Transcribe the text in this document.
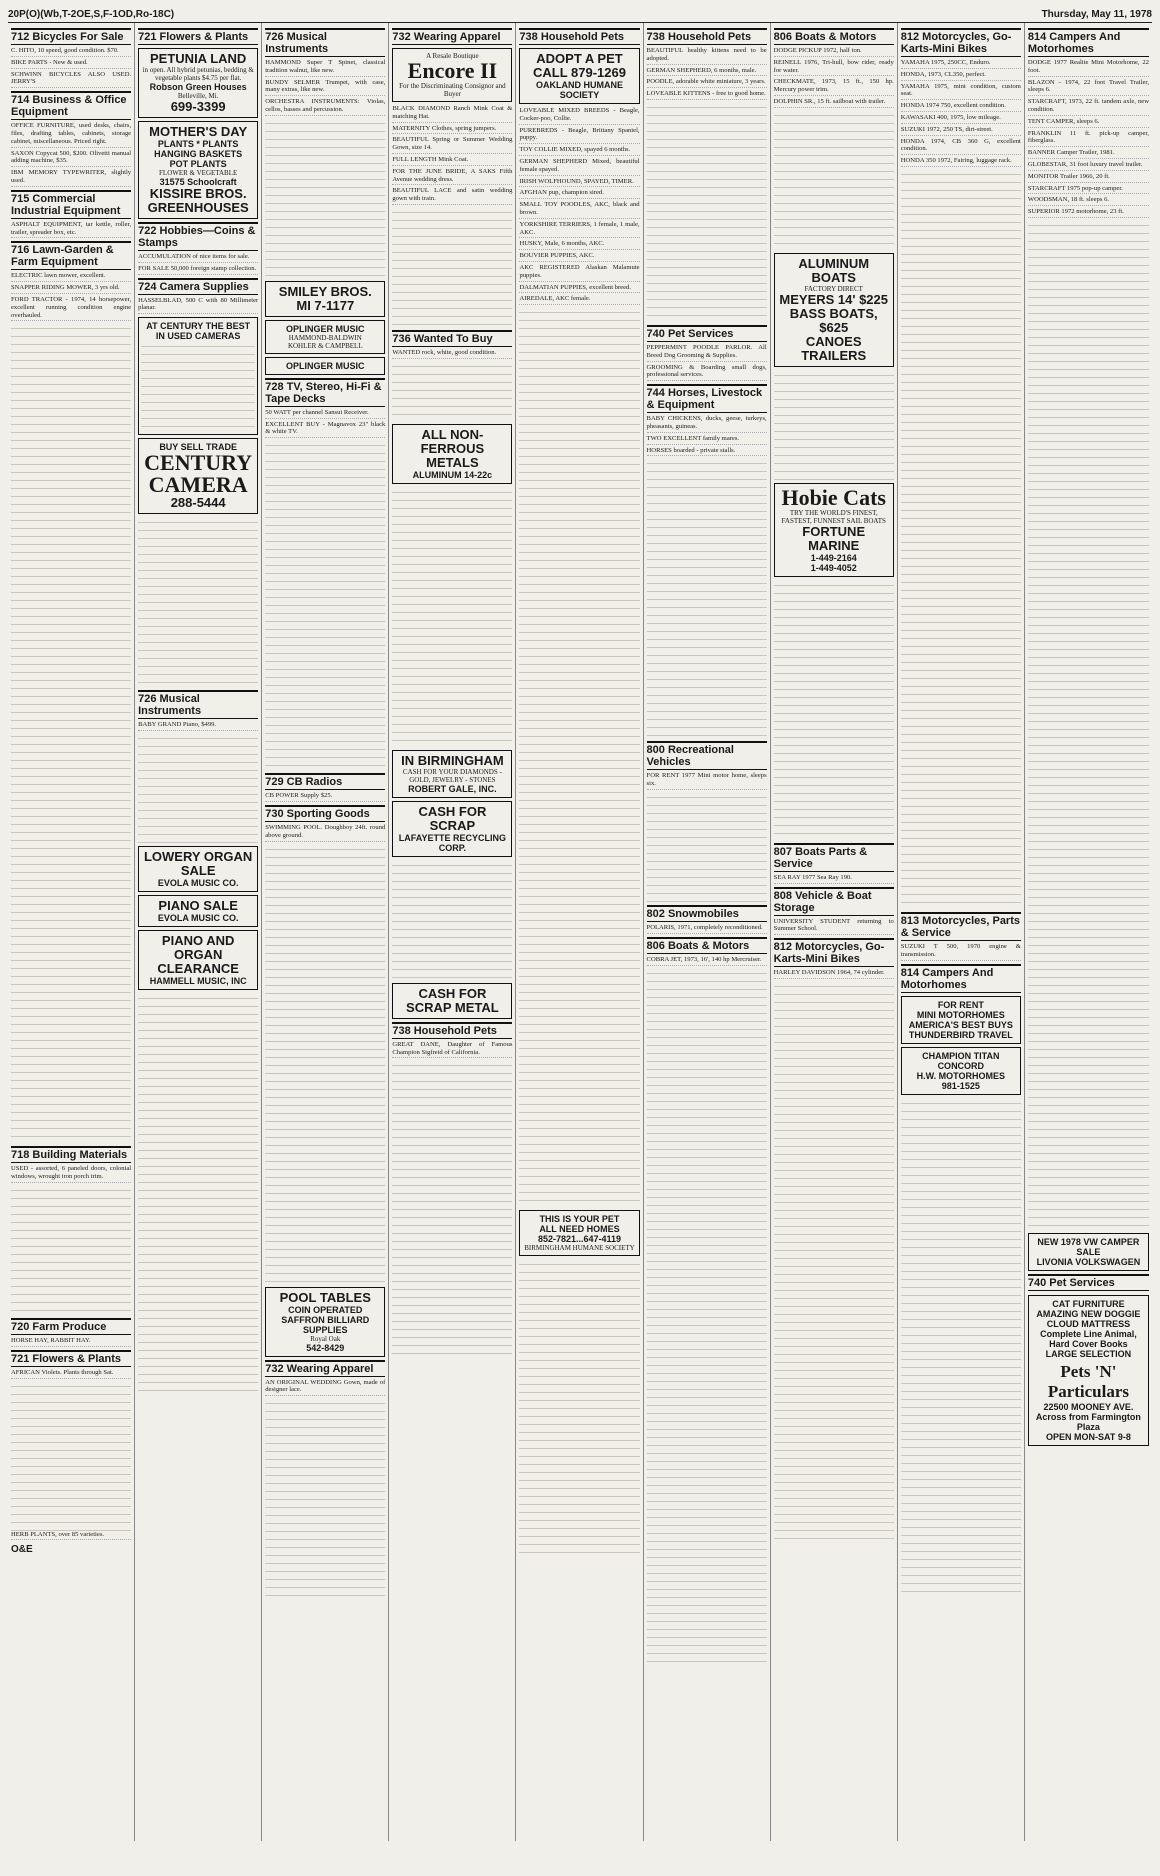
20P(O)(Wb,T-2OE,S,F-1OD,Ro-18C)	Thursday, May 11, 1978
712 Bicycles For Sale

C. HITO, 10 speed, good condition. $70.

BIKE PARTS - New & used.

SCHWINN BICYCLES ALSO USED. JERRY'S

714 Business & Office Equipment

OFFICE FURNITURE, used desks, chairs, files, drafting tables, cabinets, storage cabinet, miscellaneous. Priced right.

SAXON Copycat 500, $200. Olivetti manual adding machine, $35.

IBM MEMORY TYPEWRITER, slightly used.

715 Commercial Industrial Equipment

ASPHALT EQUIPMENT, tar kettle, roller, trailer, spreader box, etc.

716 Lawn-Garden & Farm Equipment

ELECTRIC lawn mower, excellent.

SNAPPER RIDING MOWER, 3 yrs old.

FORD TRACTOR - 1974, 14 horsepower, excellent running condition engine overhauled.

718 Building Materials

USED - assorted, 6 paneled doors, colonial windows, wrought iron porch trim.

720 Farm Produce

HORSE HAY, RABBIT HAY.

721 Flowers & Plants

AFRICAN Violets. Plants through Sat.

HERB PLANTS, over 85 varieties.

O&E
721 Flowers & Plants
PETUNIA LAND
in open. All hybrid petunias, bedding & vegetable plants $4.75 per flat.
Robson Green Houses
Belleville, Mi.
699-3399
MOTHER'S DAY
PLANTS * PLANTS
HANGING BASKETS
POT PLANTS
FLOWER & VEGETABLE
31575 Schoolcraft
KISSIRE BROS. GREENHOUSES
722 Hobbies—Coins & Stamps

ACCUMULATION of nice items for sale.

FOR SALE 50,000 foreign stamp collection.

724 Camera Supplies

HASSELBLAD, 500 C with 80 Millimeter planar.

AT CENTURY THE BEST
IN USED CAMERAS
BUY SELL TRADE
CENTURY CAMERA
288-5444
726 Musical Instruments

BABY GRAND Piano, $499.

LOWERY ORGAN SALE
EVOLA MUSIC CO.
PIANO SALE
EVOLA MUSIC CO.
PIANO AND ORGAN CLEARANCE
HAMMELL MUSIC, INC
726 Musical Instruments

HAMMOND Super T Spinet, classical tradition walnut, like new.

BUNDY SELMER Trumpet, with case, many extras, like new.

ORCHESTRA INSTRUMENTS: Violas, cellos, basses and percussion.

SMILEY BROS.
MI 7-1177
OPLINGER MUSIC
HAMMOND-BALDWIN
KOHLER & CAMPBELL
OPLINGER MUSIC
728 TV, Stereo, Hi-Fi & Tape Decks

50 WATT per channel Sansui Receiver.

EXCELLENT BUY - Magnavox 23" black & white TV.

729 CB Radios

CB POWER Supply $25.

730 Sporting Goods

SWIMMING POOL. Doughboy 24ft. round above ground.

POOL TABLES
COIN OPERATED
SAFFRON BILLIARD SUPPLIES
Royal Oak
542-8429
732 Wearing Apparel

AN ORIGINAL WEDDING Gown, made of designer lace.

732 Wearing Apparel
A Resale Boutique
Encore II
For the Discriminating Consignor and Buyer

BLACK DIAMOND Ranch Mink Coat & matching Hat.

MATERNITY Clothes, spring jumpers.

BEAUTIFUL Spring or Summer Wedding Gown, size 14.

FULL LENGTH Mink Coat.

FOR THE JUNE BRIDE, A SAKS Fifth Avenue wedding dress.

BEAUTIFUL LACE and satin wedding gown with train.

736 Wanted To Buy

WANTED rock, white, good condition.

ALL NON-FERROUS METALS
ALUMINUM 14-22c
IN BIRMINGHAM
CASH FOR YOUR DIAMONDS - GOLD, JEWELRY - STONES
ROBERT GALE, INC.
CASH FOR SCRAP
LAFAYETTE RECYCLING CORP.
CASH FOR SCRAP METAL
738 Household Pets

GREAT DANE, Daughter of Famous Champion Sigfreid of California.

738 Household Pets
ADOPT A PET
CALL 879-1269
OAKLAND HUMANE SOCIETY

LOVEABLE MIXED BREEDS - Beagle, Cocker-poo, Collie.

PUREBREDS - Beagle, Brittany Spaniel, puppy.

TOY COLLIE MIXED, spayed 6 months.

GERMAN SHEPHERD Mixed, beautiful female spayed.

IRISH WOLFHOUND, SPAYED, TIMER.

AFGHAN pup, champion sired.

SMALL TOY POODLES, AKC, black and brown.

YORKSHIRE TERRIERS, 1 female, 1 male, AKC.

HUSKY, Male, 6 months, AKC.

BOUVIER PUPPIES, AKC.

AKC REGISTERED Alaskan Malamute puppies.

DALMATIAN PUPPIES, excellent breed.

AIREDALE, AKC female.

THIS IS YOUR PET
ALL NEED HOMES
852-7821...647-4119
BIRMINGHAM HUMANE SOCIETY
738 Household Pets

BEAUTIFUL healthy kittens need to be adopted.

GERMAN SHEPHERD, 6 months, male.

POODLE, adorable white miniature, 3 years.

LOVEABLE KITTENS - free to good home.

740 Pet Services

PEPPERMINT POODLE PARLOR. All Breed Dog Grooming & Supplies.

GROOMING & Boarding small dogs, professional services.

744 Horses, Livestock & Equipment

BABY CHICKENS, ducks, geese, turkeys, pheasants, guineas.

TWO EXCELLENT family mares.

HORSES boarded - private stalls.

800 Recreational Vehicles

FOR RENT 1977 Mini motor home, sleeps six.

802 Snowmobiles

POLARIS, 1971, completely reconditioned.

806 Boats & Motors

COBRA JET, 1973, 16', 140 hp Mercruiser.

806 Boats & Motors

DODGE PICKUP 1972, half ton.

REINELL 1976, Tri-hull, bow rider, ready for water.

CHECKMATE, 1973, 15 ft., 150 hp. Mercury power trim.

DOLPHIN SR., 15 ft. sailboat with trailer.

ALUMINUM BOATS
FACTORY DIRECT
MEYERS 14' $225
BASS BOATS, $625
CANOES
TRAILERS
Hobie Cats
TRY THE WORLD'S FINEST, FASTEST, FUNNEST SAIL BOATS
FORTUNE MARINE
1-449-2164
1-449-4052
807 Boats Parts & Service

SEA RAY 1977 Sea Ray 190.

808 Vehicle & Boat Storage

UNIVERSITY STUDENT returning to Summer School.

812 Motorcycles, Go-Karts-Mini Bikes

HARLEY DAVIDSON 1964, 74 cylinder.

812 Motorcycles, Go-Karts-Mini Bikes

YAMAHA 1975, 250CC, Enduro.

HONDA, 1973, CL350, perfect.

YAMAHA 1975, mint condition, custom seat.

HONDA 1974 750, excellent condition.

KAWASAKI 400, 1975, low mileage.

SUZUKI 1972, 250 TS, dirt-street.

HONDA 1974, CB 360 G, excellent condition.

HONDA 350 1972, Fairing, luggage rack.

813 Motorcycles, Parts & Service

SUZUKI T 500, 1970 engine & transmission.

814 Campers And Motorhomes
FOR RENT
MINI MOTORHOMES
AMERICA'S BEST BUYS
THUNDERBIRD TRAVEL
CHAMPION TITAN CONCORD
H.W. MOTORHOMES
981-1525
814 Campers And Motorhomes

DODGE 1977 Realite Mini Motorhome, 22 foot.

BLAZON - 1974, 22 foot Travel Trailer, sleeps 6.

STARCRAFT, 1973, 22 ft. tandem axle, new condition.

TENT CAMPER, sleeps 6.

FRANKLIN 11 ft. pick-up camper, fiberglass.

BANNER Camper Trailer, 1981.

GLOBESTAR, 31 foot luxury travel trailer.

MONITOR Trailer 1966, 20 ft.

STARCRAFT 1975 pop-up camper.

WOODSMAN, 18 ft. sleeps 6.

SUPERIOR 1972 motorhome, 23 ft.

NEW 1978 VW CAMPER SALE
LIVONIA VOLKSWAGEN
740 Pet Services
CAT FURNITURE
AMAZING NEW DOGGIE CLOUD MATTRESS
Complete Line Animal, Hard Cover Books
LARGE SELECTION
Pets 'N' Particulars
22500 MOONEY AVE. Across from Farmington Plaza
OPEN MON-SAT 9-8
